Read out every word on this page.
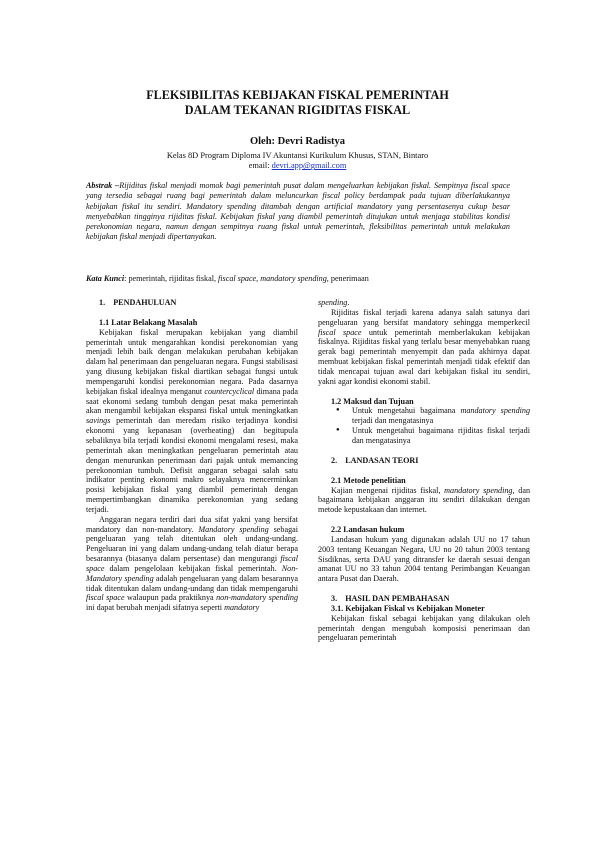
FLEKSIBILITAS KEBIJAKAN FISKAL PEMERINTAH
DALAM TEKANAN RIGIDITAS FISKAL
Oleh: Devri Radistya
Kelas 8D Program Diploma IV Akuntansi Kurikulum Khusus, STAN, Bintaro
email: devri.app@gmail.com
Abstrak –Rijiditas fiskal menjadi momok bagi pemerintah pusat dalam mengeluarkan kebijakan fiskal. Sempitnya fiscal space yang tersedia sebagai ruang bagi pemerintah dalam meluncurkan fiscal policy berdampak pada tujuan diberlakukannya kebijakan fiskal itu sendiri. Mandatory spending ditambah dengan artificial mandatory yang persentasenya cukup besar menyebabkan tingginya rijiditas fiskal. Kebijakan fiskal yang diambil pemerintah ditujukan untuk menjaga stabilitas kondisi perekonomian negara, namun dengan sempitnya ruang fiskal untuk pemerintah, fleksibilitas pemerintah untuk melakukan kebijakan fiskal menjadi dipertanyakan.
Kata Kunci: pemerintah, rijiditas fiskal, fiscal space, mandatory spending, penerimaan

1.    PENDAHULUAN

1.1 Latar Belakang Masalah

Kebijakan fiskal merupakan kebijakan yang diambil pemerintah untuk mengarahkan kondisi perekonomian yang menjadi lebih baik dengan melakukan perubahan kebijakan dalam hal penerimaan dan pengeluaran negara. Fungsi stabilisasi yang diusung kebijakan fiskal diartikan sebagai fungsi untuk mempengaruhi kondisi perekonomian negara. Pada dasarnya kebijakan fiskal idealnya menganut countercyclical dimana pada saat ekonomi sedang tumbuh dengan pesat maka pemerintah akan mengambil kebijakan ekspansi fiskal untuk meningkatkan savings pemerintah dan meredam risiko terjadinya kondisi ekonomi yang kepanasan (overheating) dan begitupula sebaliknya bila terjadi kondisi ekonomi mengalami resesi, maka pemerintah akan meningkatkan pengeluaran pemerintah atau dengan menurunkan penerimaan dari pajak untuk memancing perekonomian tumbuh. Defisit anggaran sebagai salah satu indikator penting ekonomi makro selayaknya mencerminkan posisi kebijakan fiskal yang diambil pemerintah dengan mempertimbangkan dinamika perekonomian yang sedang terjadi.

Anggaran negara terdiri dari dua sifat yakni yang bersifat mandatory dan non-mandatory. Mandatory spending sebagai pengeluaran yang telah ditentukan oleh undang-undang. Pengeluaran ini yang dalam undang-undang telah diatur berapa besarannya (biasanya dalam persentase) dan mengurangi fiscal space dalam pengelolaan kebijakan fiskal pemerintah. Non-Mandatory spending adalah pengeluaran yang dalam besarannya tidak ditentukan dalam undang-undang dan tidak mempengaruhi fiscal space walaupun pada praktiknya non-mandatory spending ini dapat berubah menjadi sifatnya seperti mandatory

spending.

Rijiditas fiskal terjadi karena adanya salah satunya dari pengeluaran yang bersifat mandatory sehingga memperkecil fiscal space untuk pemerintah memberlakukan kebijakan fiskalnya. Rijiditas fiskal yang terlalu besar menyebabkan ruang gerak bagi pemerintah menyempit dan pada akhirnya dapat membuat kebijakan fiskal pemerintah menjadi tidak efektif dan tidak mencapai tujuan awal dari kebijakan fiskal itu sendiri, yakni agar kondisi ekonomi stabil.

1.2 Maksud dan Tujuan

● Untuk mengetahui bagaimana mandatory spending terjadi dan mengatasinya
● Untuk mengetahui bagaimana rijiditas fiskal terjadi dan mengatasinya

2.    LANDASAN TEORI

2.1 Metode penelitian

Kajian mengenai rijiditas fiskal, mandatory spending, dan bagaimana kebijakan anggaran itu sendiri dilakukan dengan metode kepustakaan dan internet.

2.2 Landasan hukum

Landasan hukum yang digunakan adalah UU no 17 tahun 2003 tentang Keuangan Negara, UU no 20 tahun 2003 tentang Sisdiknas, serta DAU yang ditransfer ke daerah sesuai dengan amanat UU no 33 tahun 2004 tentang Perimbangan Keuangan antara Pusat dan Daerah.

3.    HASIL DAN PEMBAHASAN

3.1. Kebijakan Fiskal vs Kebijakan Moneter

Kebijakan fiskal sebagai kebijakan yang dilakukan oleh pemerintah dengan mengubah komposisi penerimaan dan pengeluaran pemerintah
